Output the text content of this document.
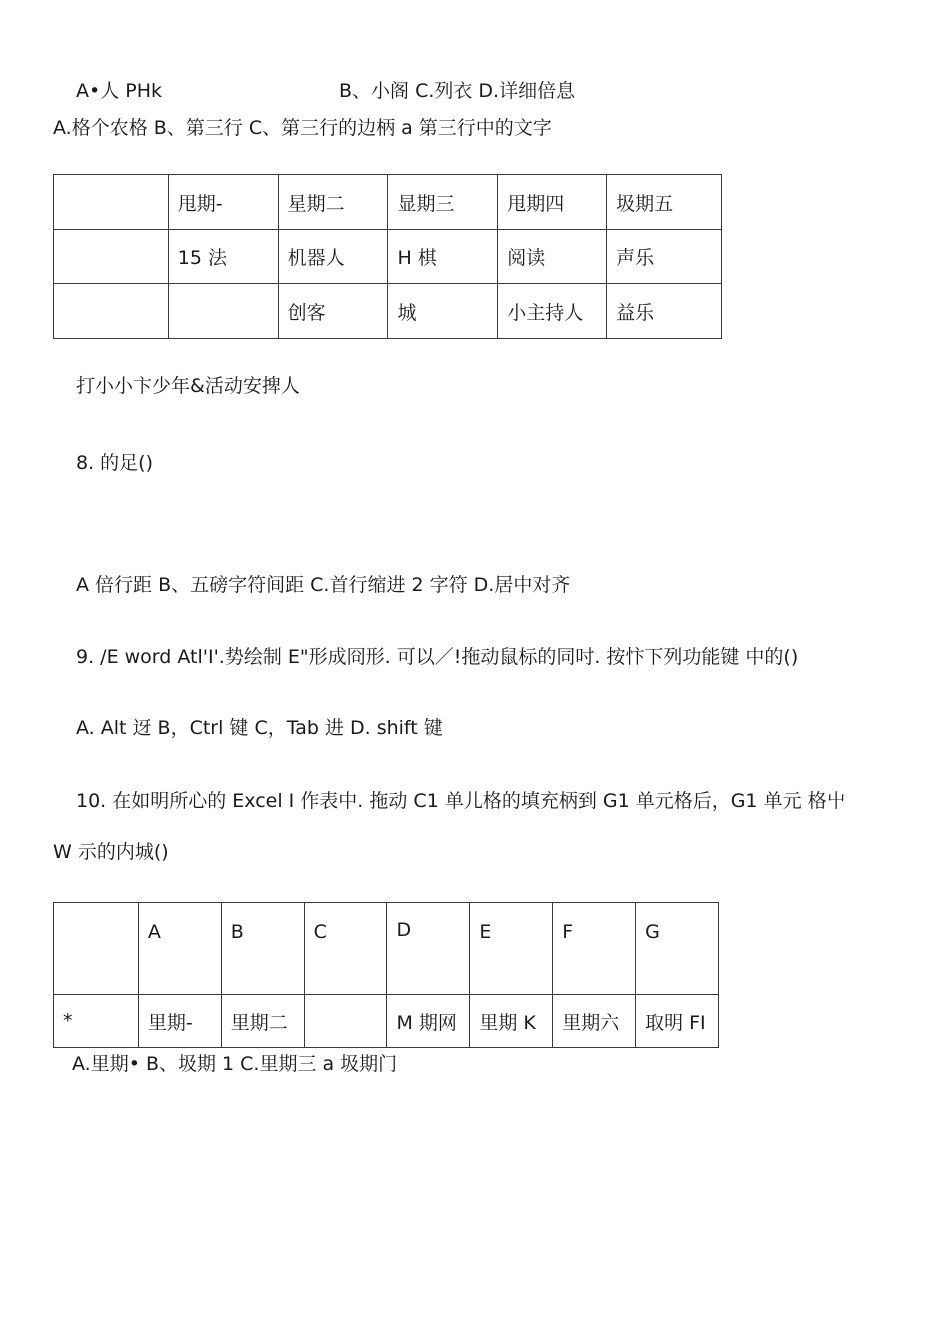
A•人 PHk	B、小阁 C.列衣 D.详细倍息
A.格个农格 B、第三行 C、第三行的边柄 a 第三行中的文字
	甩期-	星期二	显期三	甩期四	圾期五
	15 法	机器人	H 棋	阅读	声乐
		创客	城	小主持人	益乐
打小小卞少年&活动安捭人
8. 的足()
A 倍行距 B、五磅字符间距 C.首行缩进 2 字符 D.居中对齐
9. /E word Atl'I'.势绘制 E"形成冏形. 可以／!拖动鼠标的同吋. 按忭下列功能键 中的()
A. Alt 迓 B，Ctrl 键 C，Tab 进 D. shift 键
10. 在如明所心的 Excel I 作表中. 拖动 C1 单儿格的填充柄到 G1 单元格后，G1 单元 格屮
W 示的内城()
	A	B	C	D	E	F	G
*	里期-	里期二		M 期网	里期 K	里期六	取明 FI
A.里期• B、圾期 1 C.里期三 a 圾期门
